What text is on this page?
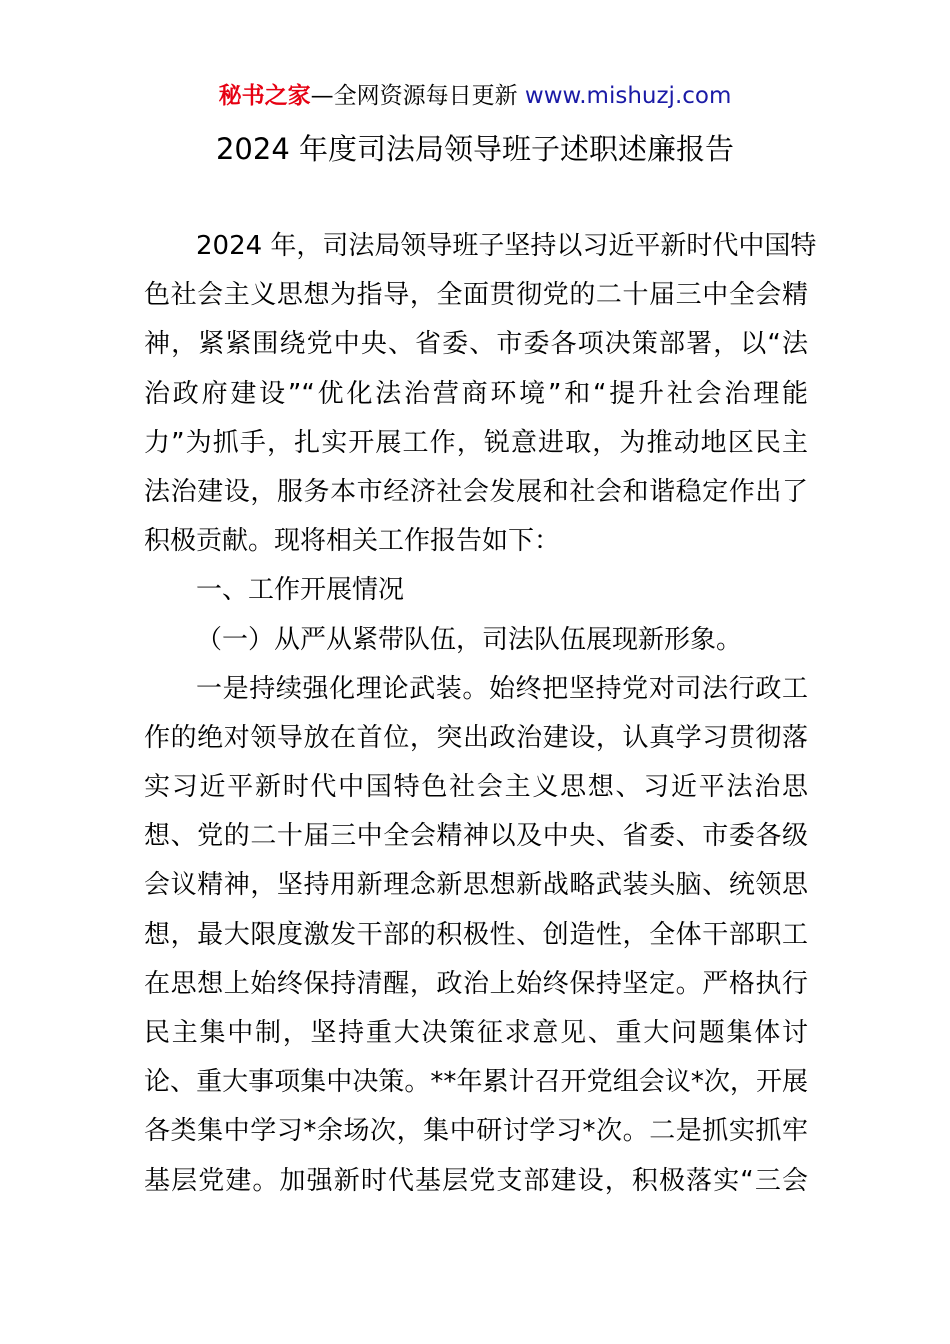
秘书之家—全网资源每日更新 www.mishuzj.com
2024 年度司法局领导班子述职述廉报告
2024 年，司法局领导班子坚持以习近平新时代中国特
色社会主义思想为指导，全面贯彻党的二十届三中全会精
神，紧紧围绕党中央、省委、市委各项决策部署，以“法
治政府建设”“优化法治营商环境”和“提升社会治理能
力”为抓手，扎实开展工作，锐意进取，为推动地区民主
法治建设，服务本市经济社会发展和社会和谐稳定作出了
积极贡献。现将相关工作报告如下：
一、工作开展情况
（一）从严从紧带队伍，司法队伍展现新形象。
一是持续强化理论武装。始终把坚持党对司法行政工
作的绝对领导放在首位，突出政治建设，认真学习贯彻落
实习近平新时代中国特色社会主义思想、习近平法治思
想、党的二十届三中全会精神以及中央、省委、市委各级
会议精神，坚持用新理念新思想新战略武装头脑、统领思
想，最大限度激发干部的积极性、创造性，全体干部职工
在思想上始终保持清醒，政治上始终保持坚定。严格执行
民主集中制，坚持重大决策征求意见、重大问题集体讨
论、重大事项集中决策。**年累计召开党组会议*次，开展
各类集中学习*余场次，集中研讨学习*次。二是抓实抓牢
基层党建。加强新时代基层党支部建设，积极落实“三会
